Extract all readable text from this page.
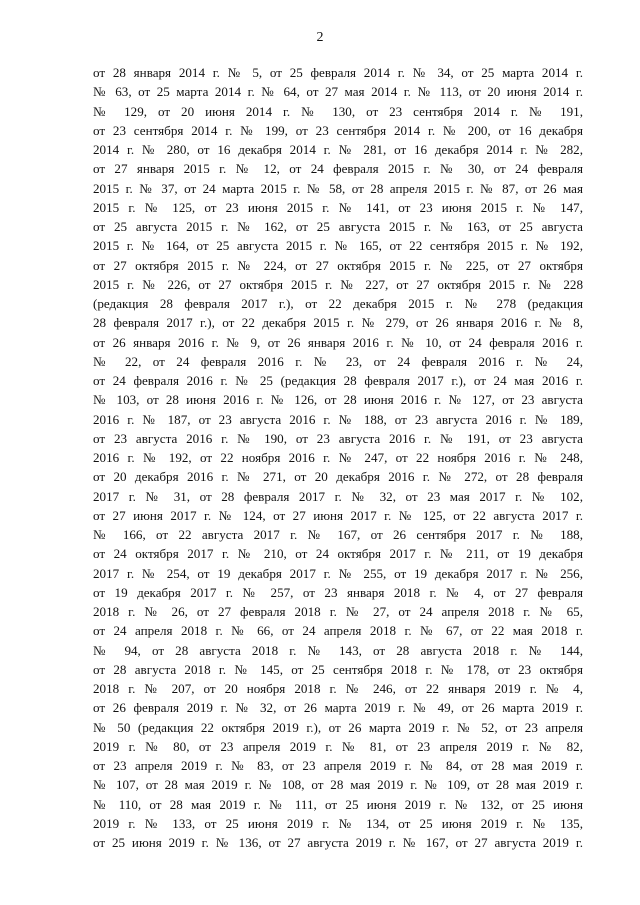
2
от 28 января 2014 г. № 5, от 25 февраля 2014 г. № 34, от 25 марта 2014 г.
№ 63, от 25 марта 2014 г. № 64, от 27 мая 2014 г. № 113, от 20 июня 2014 г.
№ 129, от 20 июня 2014 г. № 130, от 23 сентября 2014 г. № 191,
от 23 сентября 2014 г. № 199, от 23 сентября 2014 г. № 200, от 16 декабря
2014 г. № 280, от 16 декабря 2014 г. № 281, от 16 декабря 2014 г. № 282,
от 27 января 2015 г. № 12, от 24 февраля 2015 г. № 30, от 24 февраля
2015 г. № 37, от 24 марта 2015 г. № 58, от 28 апреля 2015 г. № 87, от 26 мая
2015 г. № 125, от 23 июня 2015 г. № 141, от 23 июня 2015 г. № 147,
от 25 августа 2015 г. № 162, от 25 августа 2015 г. № 163, от 25 августа
2015 г. № 164, от 25 августа 2015 г. № 165, от 22 сентября 2015 г. № 192,
от 27 октября 2015 г. № 224, от 27 октября 2015 г. № 225, от 27 октября
2015 г. № 226, от 27 октября 2015 г. № 227, от 27 октября 2015 г. № 228
(редакция 28 февраля 2017 г.), от 22 декабря 2015 г. № 278 (редакция
28 февраля 2017 г.), от 22 декабря 2015 г. № 279, от 26 января 2016 г. № 8,
от 26 января 2016 г. № 9, от 26 января 2016 г. № 10, от 24 февраля 2016 г.
№ 22, от 24 февраля 2016 г. № 23, от 24 февраля 2016 г. № 24,
от 24 февраля 2016 г. № 25 (редакция 28 февраля 2017 г.), от 24 мая 2016 г.
№ 103, от 28 июня 2016 г. № 126, от 28 июня 2016 г. № 127, от 23 августа
2016 г. № 187, от 23 августа 2016 г. № 188, от 23 августа 2016 г. № 189,
от 23 августа 2016 г. № 190, от 23 августа 2016 г. № 191, от 23 августа
2016 г. № 192, от 22 ноября 2016 г. № 247, от 22 ноября 2016 г. № 248,
от 20 декабря 2016 г. № 271, от 20 декабря 2016 г. № 272, от 28 февраля
2017 г. № 31, от 28 февраля 2017 г. № 32, от 23 мая 2017 г. № 102,
от 27 июня 2017 г. № 124, от 27 июня 2017 г. № 125, от 22 августа 2017 г.
№ 166, от 22 августа 2017 г. № 167, от 26 сентября 2017 г. № 188,
от 24 октября 2017 г. № 210, от 24 октября 2017 г. № 211, от 19 декабря
2017 г. № 254, от 19 декабря 2017 г. № 255, от 19 декабря 2017 г. № 256,
от 19 декабря 2017 г. № 257, от 23 января 2018 г. № 4, от 27 февраля
2018 г. № 26, от 27 февраля 2018 г. № 27, от 24 апреля 2018 г. № 65,
от 24 апреля 2018 г. № 66, от 24 апреля 2018 г. № 67, от 22 мая 2018 г.
№ 94, от 28 августа 2018 г. № 143, от 28 августа 2018 г. № 144,
от 28 августа 2018 г. № 145, от 25 сентября 2018 г. № 178, от 23 октября
2018 г. № 207, от 20 ноября 2018 г. № 246, от 22 января 2019 г. № 4,
от 26 февраля 2019 г. № 32, от 26 марта 2019 г. № 49, от 26 марта 2019 г.
№ 50 (редакция 22 октября 2019 г.), от 26 марта 2019 г. № 52, от 23 апреля
2019 г. № 80, от 23 апреля 2019 г. № 81, от 23 апреля 2019 г. № 82,
от 23 апреля 2019 г. № 83, от 23 апреля 2019 г. № 84, от 28 мая 2019 г.
№ 107, от 28 мая 2019 г. № 108, от 28 мая 2019 г. № 109, от 28 мая 2019 г.
№ 110, от 28 мая 2019 г. № 111, от 25 июня 2019 г. № 132, от 25 июня
2019 г. № 133, от 25 июня 2019 г. № 134, от 25 июня 2019 г. № 135,
от 25 июня 2019 г. № 136, от 27 августа 2019 г. № 167, от 27 августа 2019 г.
